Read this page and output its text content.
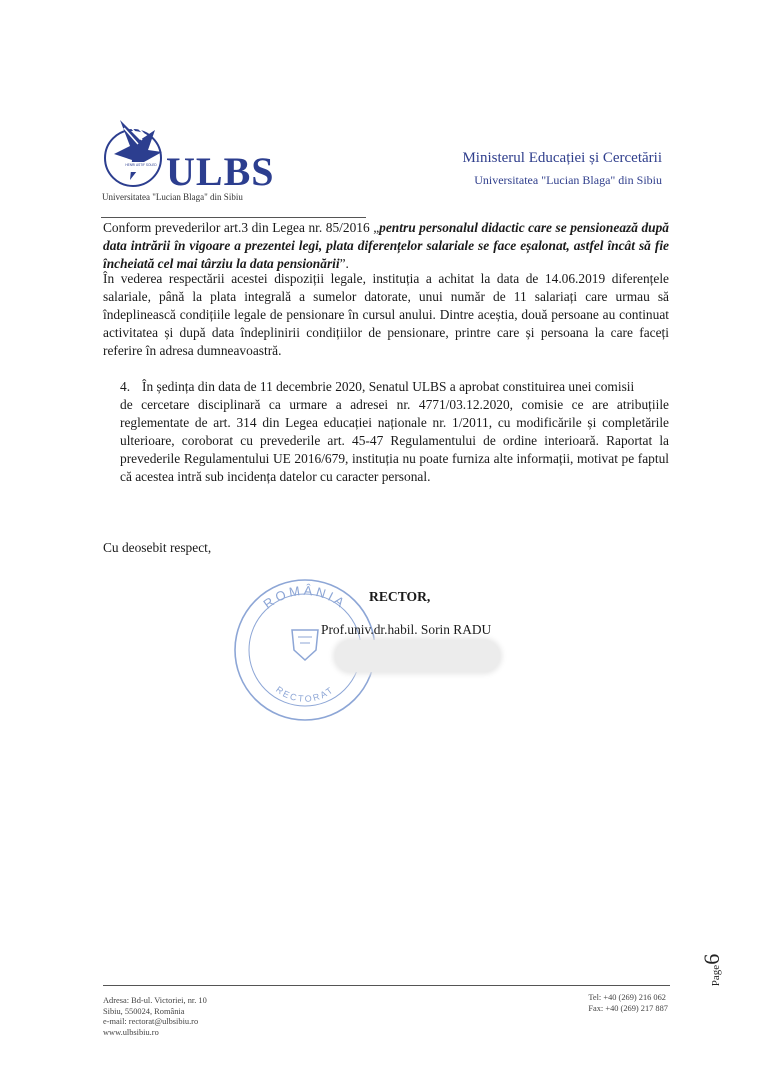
HENRI ASTIF SOLED ULBS
Universitatea "Lucian Blaga" din Sibiu
Ministerul Educației și Cercetării
Universitatea "Lucian Blaga" din Sibiu
Conform prevederilor art.3 din Legea nr. 85/2016 „pentru personalul didactic care se pensionează după data intrării în vigoare a prezentei legi, plata diferențelor salariale se face eșalonat, astfel încât să fie încheiată cel mai târziu la data pensionării”.
În vederea respectării acestei dispoziții legale, instituția a achitat la data de 14.06.2019 diferențele salariale, până la plata integrală a sumelor datorate, unui număr de 11 salariați care urmau să îndeplinească condițiile legale de pensionare în cursul anului. Dintre aceștia, două persoane au continuat activitatea și după data îndeplinirii condițiilor de pensionare, printre care și persoana la care faceți referire în adresa dumneavoastră.
4. În ședința din data de 11 decembrie 2020, Senatul ULBS a aprobat constituirea unei comisii
de cercetare disciplinară ca urmare a adresei nr. 4771/03.12.2020, comisie ce are atribuțiile reglementate de art. 314 din Legea educației naționale nr. 1/2011, cu modificările și completările ulterioare, coroborat cu prevederile art. 45-47 Regulamentului de ordine interioară. Raportat la prevederile Regulamentului UE 2016/679, instituția nu poate furniza alte informații, motivat pe faptul că acestea intră sub incidența datelor cu caracter personal.
Cu deosebit respect,
ROMÂNIA
RECTORAT
RECTOR,
Prof.univ.dr.habil. Sorin RADU
Adresa: Bd-ul. Victoriei, nr. 10
Sibiu, 550024, România
e-mail: rectorat@ulbsibiu.ro
www.ulbsibiu.ro
Tel: +40 (269) 216 062
Fax: +40 (269) 217 887
Page6
